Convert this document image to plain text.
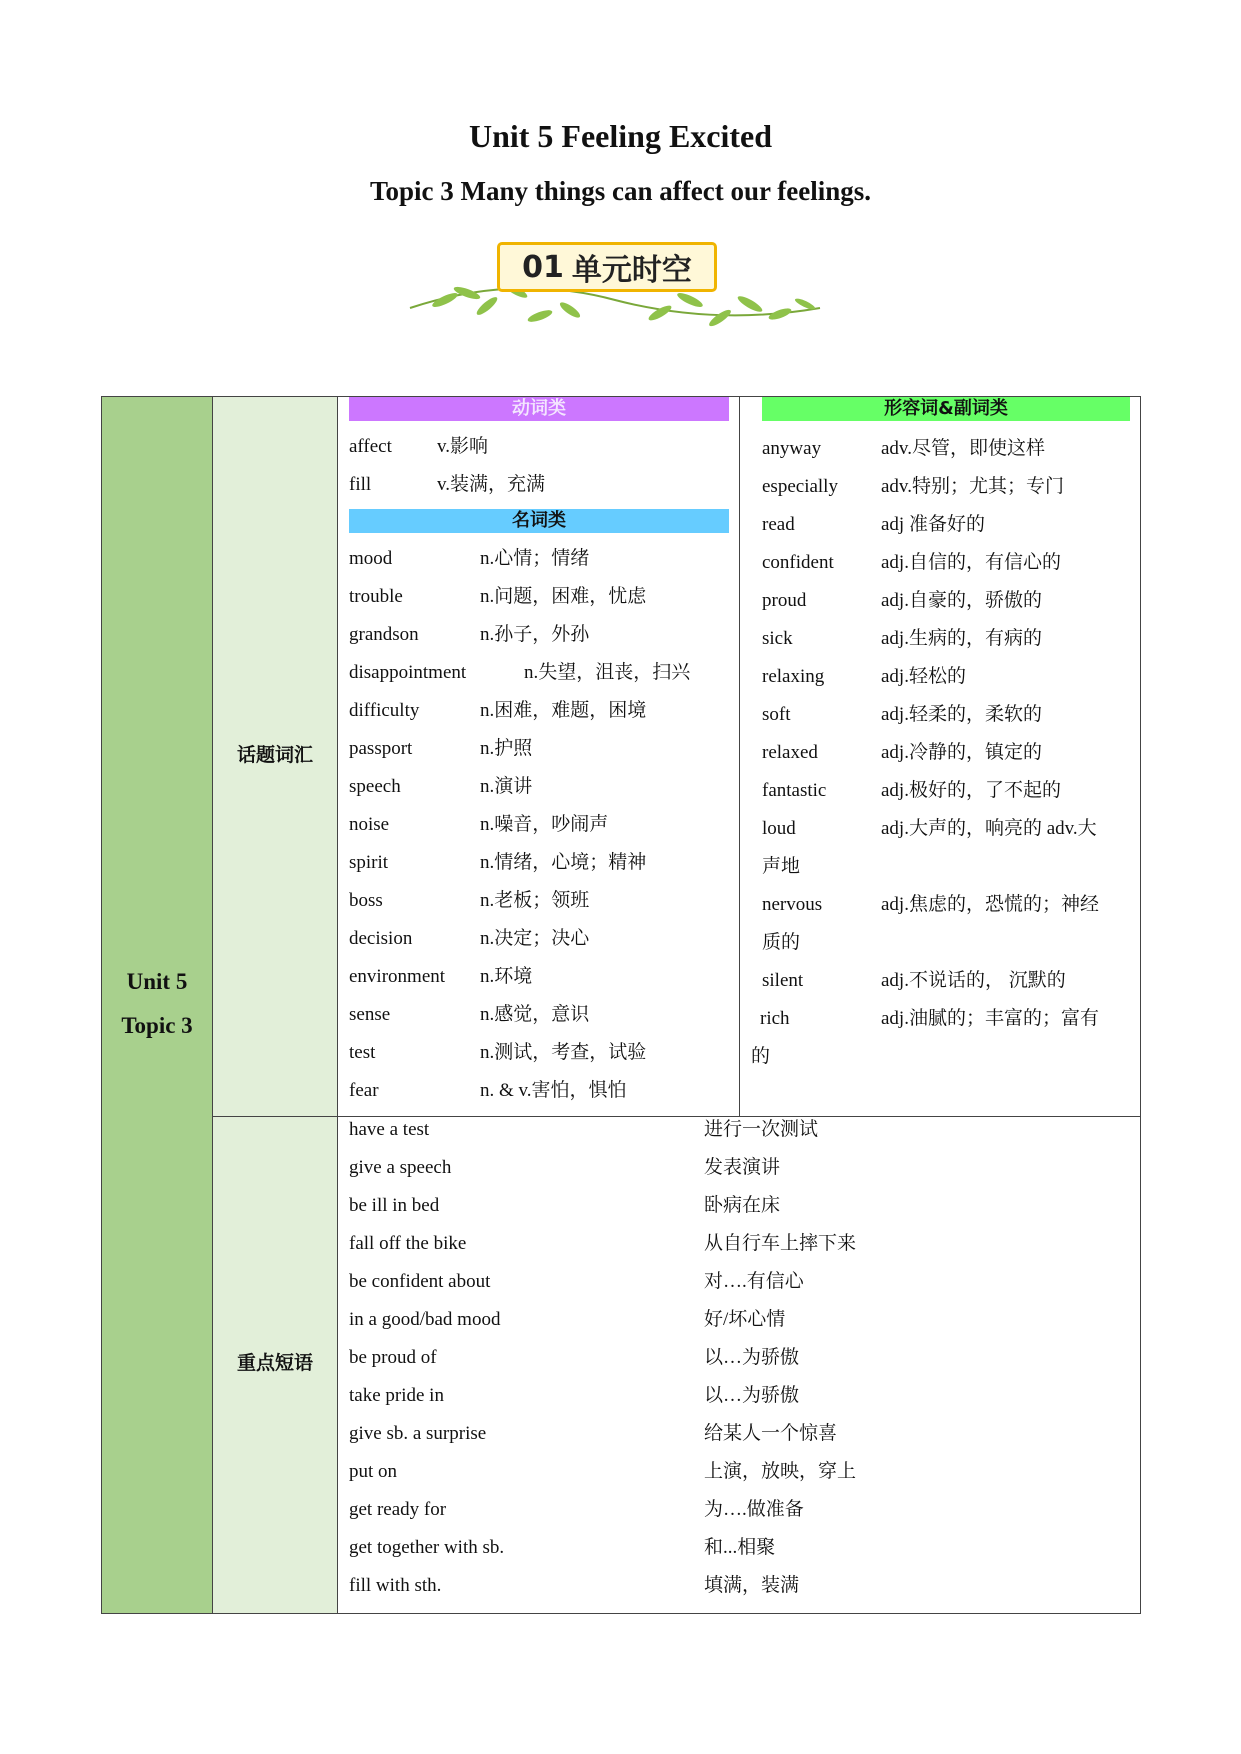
Unit 5 Feeling Excited
Topic 3 Many things can affect our feelings.
01 单元时空
Unit 5
Topic 3
话题词汇
重点短语
动词类
名词类
形容词&副词类
affect v.影响
fill	v.装满，充满
mood	n.心情；情绪
trouble	n.问题，困难，忧虑
grandson	n.孙子，外孙
disappointment	n.失望，沮丧，扫兴
difficulty	n.困难，难题，困境
passport	n.护照
speech	n.演讲
noise	n.噪音，吵闹声
spirit	n.情绪，心境；精神
boss	n.老板；领班
decision	n.决定；决心
environment n.环境
sense	n.感觉，意识
test	n.测试，考查，试验
fear	n. & v.害怕，惧怕
anyway	adv.尽管，即使这样
especially adv.特别；尤其；专门
read	adj 准备好的
confident adj.自信的，有信心的
proud	adj.自豪的，骄傲的
sick	adj.生病的，有病的
relaxing	adj.轻松的
soft	adj.轻柔的，柔软的
relaxed	adj.冷静的，镇定的
fantastic	adj.极好的，了不起的
loud	adj.大声的，响亮的 adv.大
声地
nervous	adj.焦虑的，恐慌的；神经
质的
silent	adj.不说话的， 沉默的
rich	adj.油腻的；丰富的；富有
的
have a test	进行一次测试
give a speech	发表演讲
be ill in bed	卧病在床
fall off the bike	从自行车上摔下来
be confident about	对….有信心
in a good/bad mood	好/坏心情
be proud of	以…为骄傲
take pride in	以…为骄傲
give sb. a surprise	给某人一个惊喜
put on	上演，放映，穿上
get ready for	为….做准备
get together with sb.	和...相聚
fill with sth.	填满，装满
